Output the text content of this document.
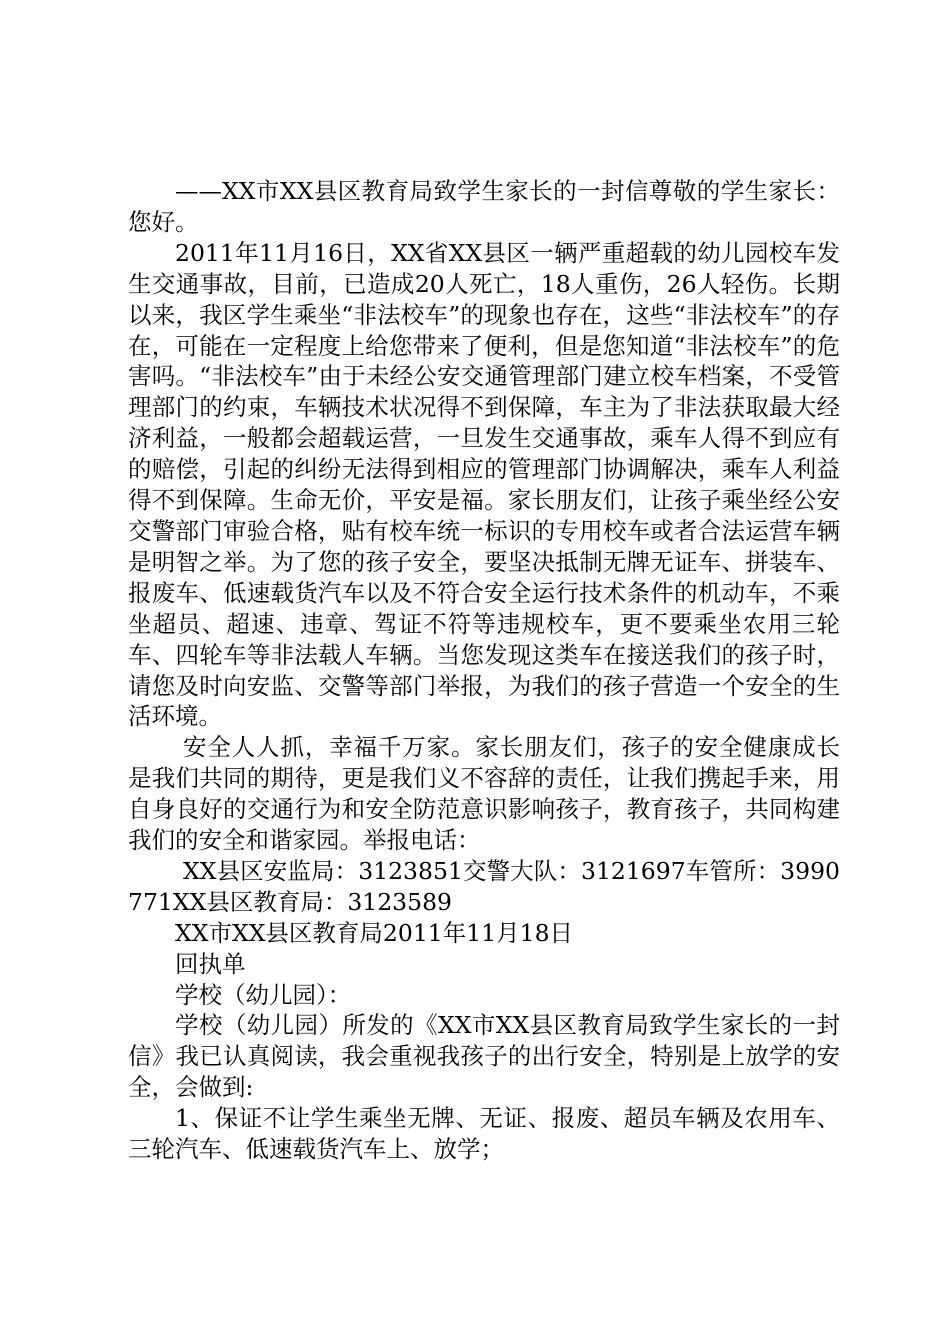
——XX市XX县区教育局致学生家长的一封信尊敬的学生家长：您好。

2011年11月16日，XX省XX县区一辆严重超载的幼儿园校车发生交通事故，目前，已造成20人死亡，18人重伤，26人轻伤。长期以来，我区学生乘坐“非法校车”的现象也存在，这些“非法校车”的存在，可能在一定程度上给您带来了便利，但是您知道“非法校车”的危害吗。“非法校车”由于未经公安交通管理部门建立校车档案，不受管理部门的约束，车辆技术状况得不到保障，车主为了非法获取最大经济利益，一般都会超载运营，一旦发生交通事故，乘车人得不到应有的赔偿，引起的纠纷无法得到相应的管理部门协调解决，乘车人利益得不到保障。生命无价，平安是福。家长朋友们，让孩子乘坐经公安交警部门审验合格，贴有校车统一标识的专用校车或者合法运营车辆是明智之举。为了您的孩子安全，要坚决抵制无牌无证车、拼装车、报废车、低速载货汽车以及不符合安全运行技术条件的机动车，不乘坐超员、超速、违章、驾证不符等违规校车，更不要乘坐农用三轮车、四轮车等非法载人车辆。当您发现这类车在接送我们的孩子时，请您及时向安监、交警等部门举报，为我们的孩子营造一个安全的生活环境。

安全人人抓，幸福千万家。家长朋友们，孩子的安全健康成长是我们共同的期待，更是我们义不容辞的责任，让我们携起手来，用自身良好的交通行为和安全防范意识影响孩子，教育孩子，共同构建我们的安全和谐家园。举报电话：

XX县区安监局：3123851交警大队：3121697车管所：3990771XX县区教育局：3123589

XX市XX县区教育局2011年11月18日

回执单

学校（幼儿园）：

学校（幼儿园）所发的《XX市XX县区教育局致学生家长的一封信》我已认真阅读，我会重视我孩子的出行安全，特别是上放学的安全，会做到:

1、保证不让学生乘坐无牌、无证、报废、超员车辆及农用车、三轮汽车、低速载货汽车上、放学；
